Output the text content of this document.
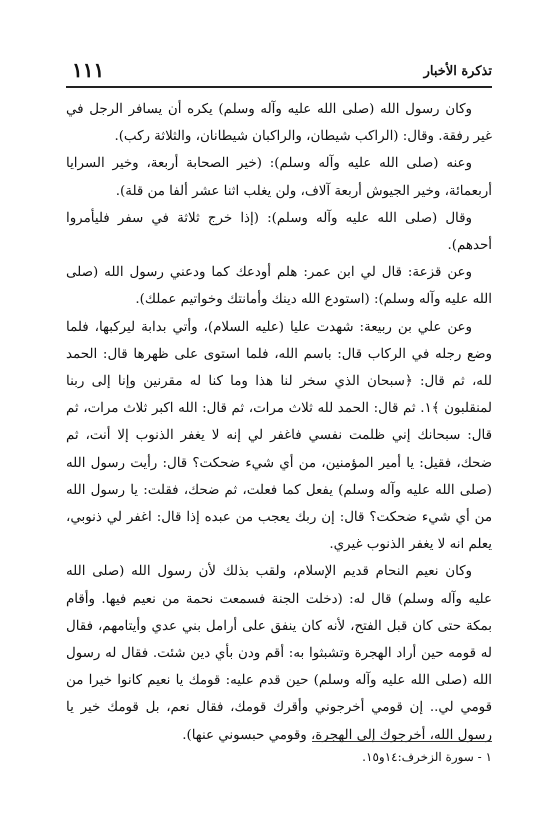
تذكرة الأخبار
١١١

وكان رسول الله (صلى الله عليه وآله وسلم) يكره أن يسافر الرجل في غير رفقة. وقال: (الراكب شيطان، والراكبان شيطانان، والثلاثة ركب).

وعنه (صلى الله عليه وآله وسلم): (خير الصحابة أربعة، وخير السرايا أربعمائة، وخير الجيوش أربعة آلاف، ولن يغلب اثنا عشر ألفا من قلة).

وقال (صلى الله عليه وآله وسلم): (إذا خرج ثلاثة في سفر فليأمروا أحدهم).

وعن قزعة: قال لي ابن عمر: هلم أودعك كما ودعني رسول الله (صلى الله عليه وآله وسلم): (استودع الله دينك وأمانتك وخواتيم عملك).

وعن علي بن ربيعة: شهدت عليا (عليه السلام)، وأتي بدابة ليركبها، فلما وضع رجله في الركاب قال: باسم الله، فلما استوى على ظهرها قال: الحمد لله، ثم قال: ﴿سبحان الذي سخر لنا هذا وما كنا له مقرنين وإنا إلى ربنا لمنقلبون ﴾١. ثم قال: الحمد لله ثلاث مرات، ثم قال: الله اكبر ثلاث مرات، ثم قال: سبحانك إني ظلمت نفسي فاغفر لي إنه لا يغفر الذنوب إلا أنت، ثم ضحك، فقيل: يا أمير المؤمنين، من أي شيء ضحكت؟ قال: رأيت رسول الله (صلى الله عليه وآله وسلم) يفعل كما فعلت، ثم ضحك، فقلت: يا رسول الله من أي شيء ضحكت؟ قال: إن ربك يعجب من عبده إذا قال: اغفر لي ذنوبي، يعلم انه لا يغفر الذنوب غيري.

وكان نعيم النحام قديم الإسلام، ولقب بذلك لأن رسول الله (صلى الله عليه وآله وسلم) قال له: (دخلت الجنة فسمعت نحمة من نعيم فيها. وأقام بمكة حتى كان قبل الفتح، لأنه كان ينفق على أرامل بني عدي وأيتامهم، فقال له قومه حين أراد الهجرة وتشبثوا به: أقم ودن بأي دين شئت. فقال له رسول الله (صلى الله عليه وآله وسلم) حين قدم عليه: قومك يا نعيم كانوا خيرا من قومي لي.. إن قومي أخرجوني وأقرك قومك، فقال نعم، بل قومك خير يا رسول الله، أخرجوك إلى الهجرة، وقومي حبسوني عنها).

١ - سورة الزخرف:١٤و١٥.
